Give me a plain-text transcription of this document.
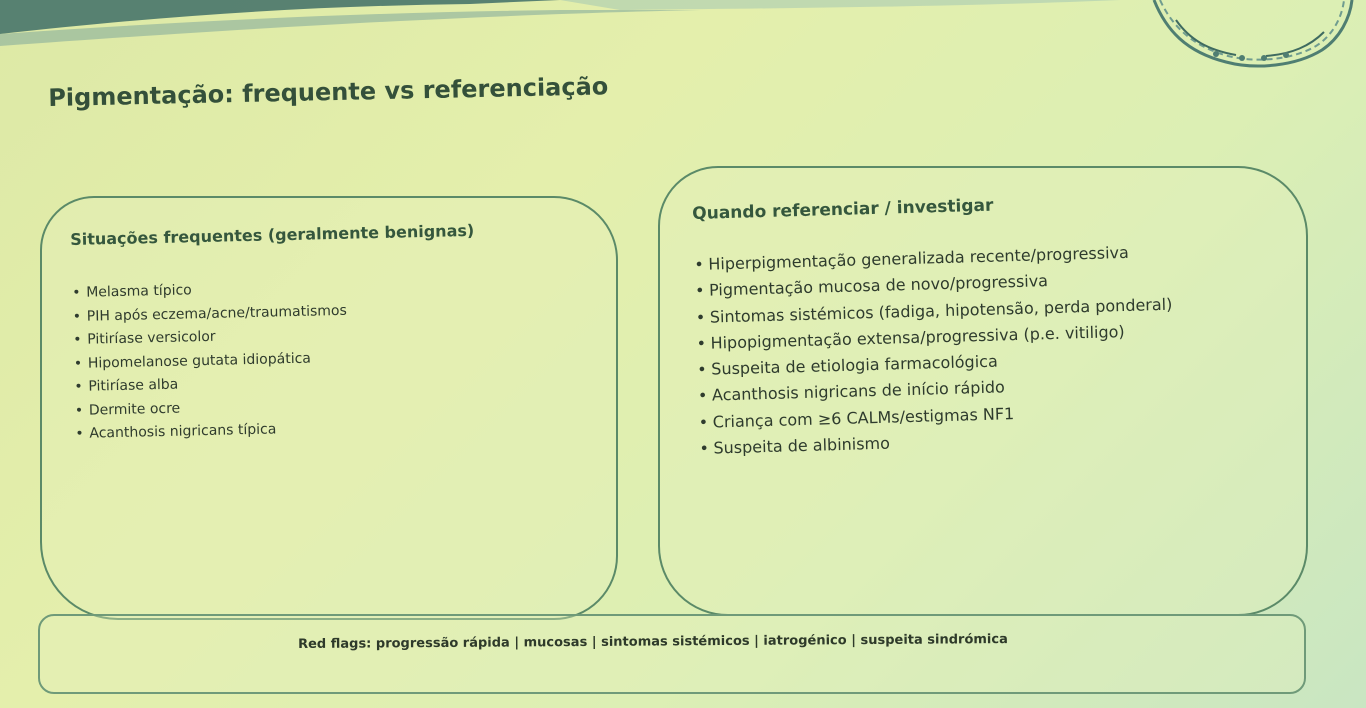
Pigmentação: frequente vs referenciação
Situações frequentes (geralmente benignas)
• Melasma típico
• PIH após eczema/acne/traumatismos
• Pitiríase versicolor
• Hipomelanose gutata idiopática
• Pitiríase alba
• Dermite ocre
• Acanthosis nigricans típica
Quando referenciar / investigar
• Hiperpigmentação generalizada recente/progressiva
• Pigmentação mucosa de novo/progressiva
• Sintomas sistémicos (fadiga, hipotensão, perda ponderal)
• Hipopigmentação extensa/progressiva (p.e. vitiligo)
• Suspeita de etiologia farmacológica
• Acanthosis nigricans de início rápido
• Criança com ≥6 CALMs/estigmas NF1
• Suspeita de albinismo
Red flags: progressão rápida | mucosas | sintomas sistémicos | iatrogénico | suspeita sindrómica
